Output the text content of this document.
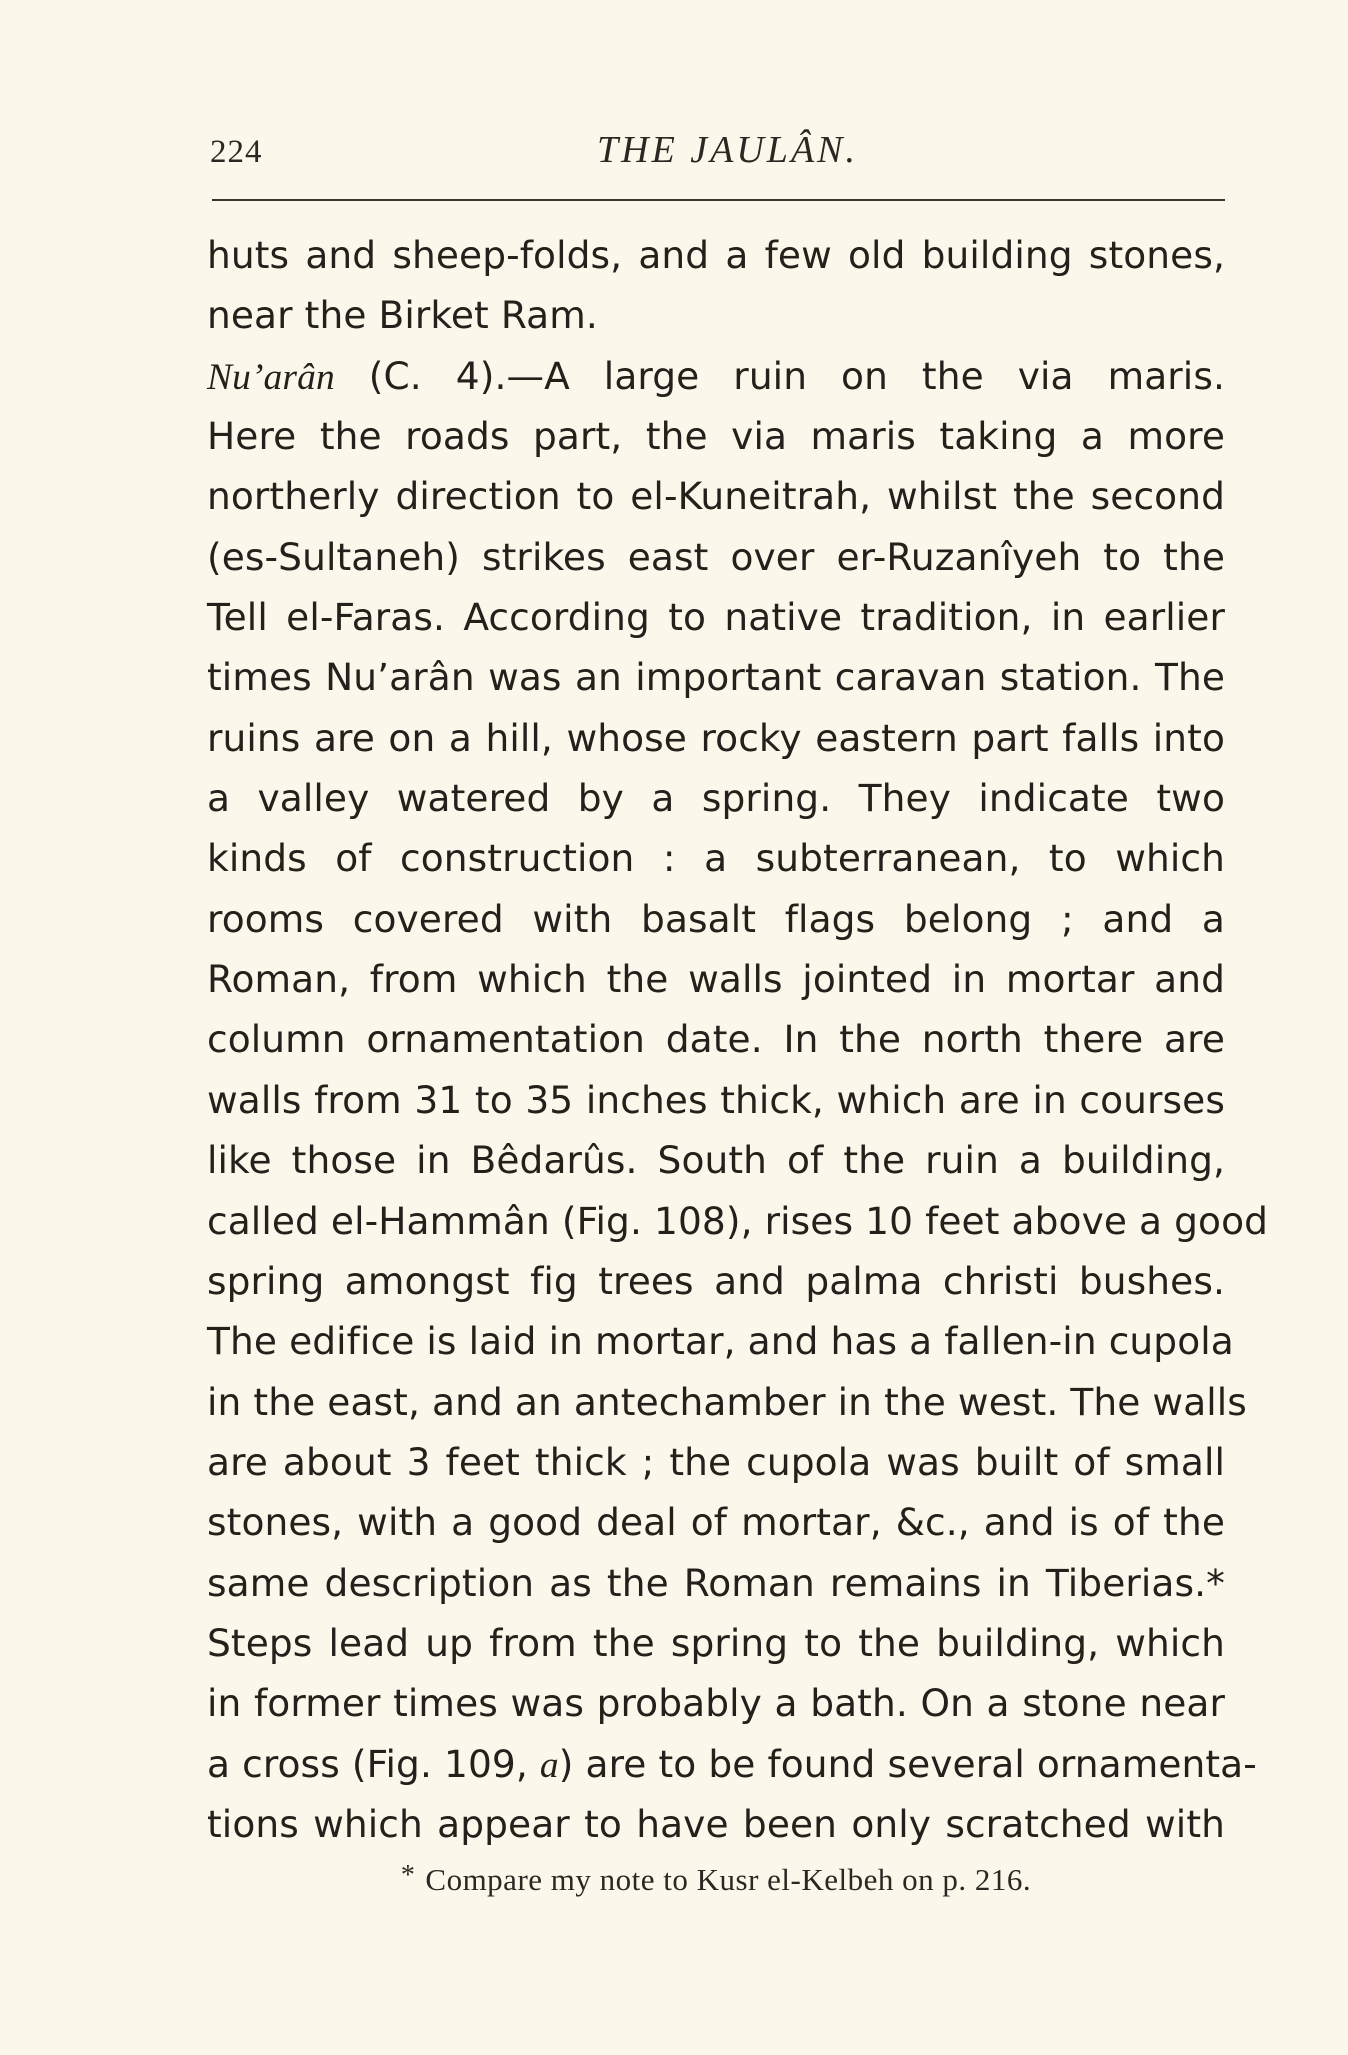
224	THE JAULÂN.
huts and sheep-folds, and a few old building stones,
near the Birket Ram.
Nu’arân (C. 4).—A large ruin on the via maris.
Here the roads part, the via maris taking a more
northerly direction to el-Kuneitrah, whilst the second
(es-Sultaneh) strikes east over er-Ruzanîyeh to the
Tell el-Faras. According to native tradition, in earlier
times Nu’arân was an important caravan station. The
ruins are on a hill, whose rocky eastern part falls into
a valley watered by a spring. They indicate two
kinds of construction : a subterranean, to which
rooms covered with basalt flags belong ; and a
Roman, from which the walls jointed in mortar and
column ornamentation date. In the north there are
walls from 31 to 35 inches thick, which are in courses
like those in Bêdarûs. South of the ruin a building,
called el-Hammân (Fig. 108), rises 10 feet above a good
spring amongst fig trees and palma christi bushes.
The edifice is laid in mortar, and has a fallen-in cupola
in the east, and an antechamber in the west. The walls
are about 3 feet thick ; the cupola was built of small
stones, with a good deal of mortar, &c., and is of the
same description as the Roman remains in Tiberias.*
Steps lead up from the spring to the building, which
in former times was probably a bath. On a stone near
a cross (Fig. 109, a) are to be found several ornamenta-
tions which appear to have been only scratched with
* Compare my note to Kusr el-Kelbeh on p. 216.
